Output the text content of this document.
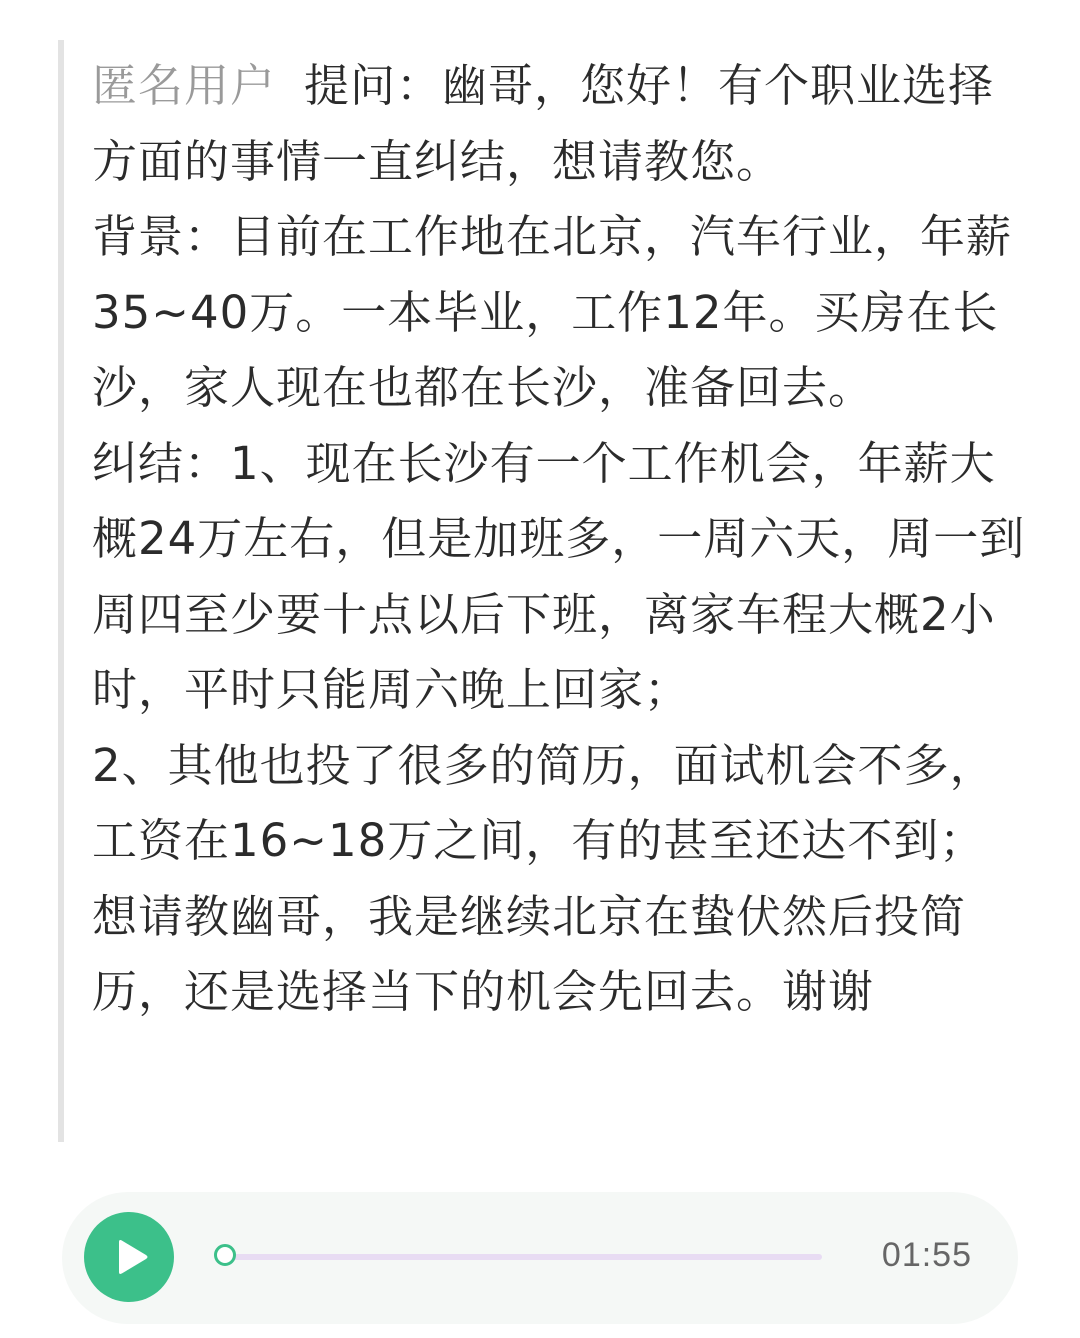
匿名用户 提问：幽哥，您好！有个职业选择方面的事情一直纠结，想请教您。

背景：目前在工作地在北京，汽车行业，年薪35~40万。一本毕业，工作12年。买房在长沙，家人现在也都在长沙，准备回去。

纠结：1、现在长沙有一个工作机会，年薪大概24万左右，但是加班多，一周六天，周一到周四至少要十点以后下班，离家车程大概2小时，平时只能周六晚上回家；

2、其他也投了很多的简历，面试机会不多，工资在16~18万之间，有的甚至还达不到；

想请教幽哥，我是继续北京在蛰伏然后投简历，还是选择当下的机会先回去。谢谢

01:55
